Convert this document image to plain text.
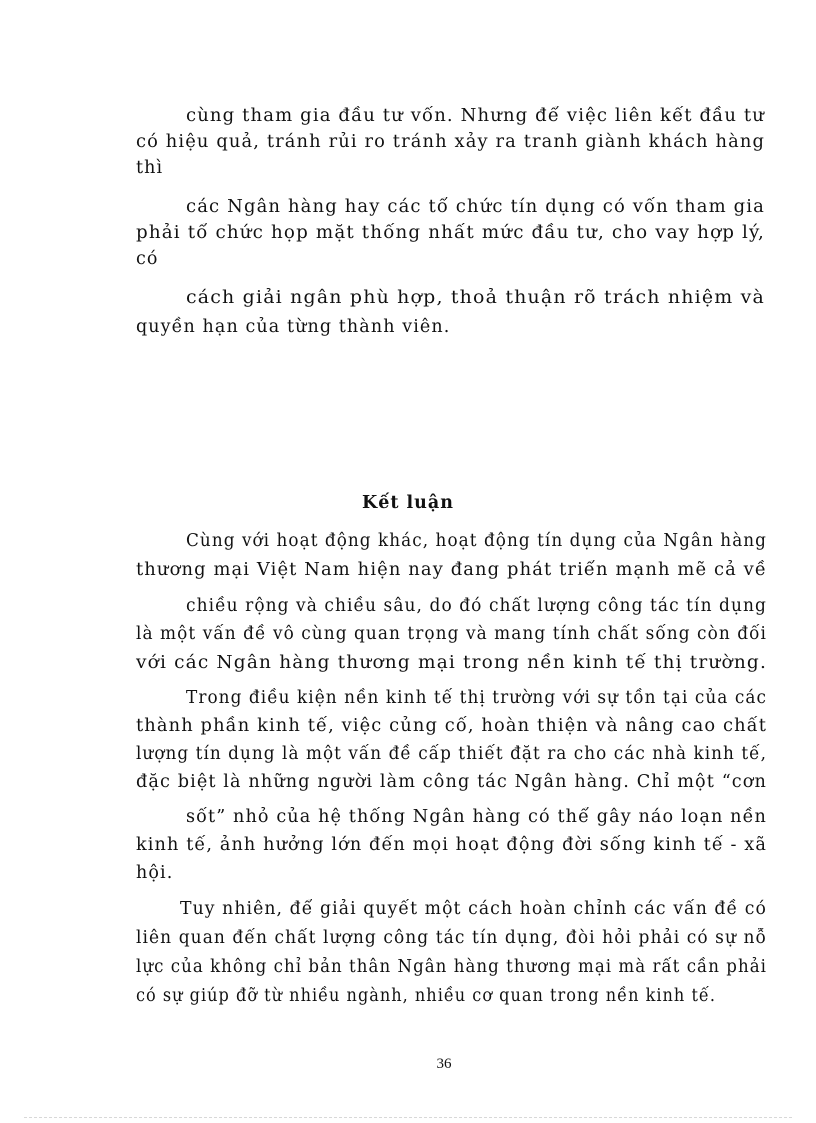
cùng tham gia đầu tư vốn. Nhưng để việc liên kết đầu tư
có hiệu quả, tránh rủi ro tránh xảy ra tranh giành khách hàng
thì
các Ngân hàng hay các tổ chức tín dụng có vốn tham gia
phải tổ chức họp mặt thống nhất mức đầu tư, cho vay hợp lý,
có
cách giải ngân phù hợp, thoả thuận rõ trách nhiệm và
quyền hạn của từng thành viên.
Kết luận
Cùng với hoạt động khác, hoạt động tín dụng của Ngân hàng
thương mại Việt Nam hiện nay đang phát triển mạnh mẽ cả về
chiều rộng và chiều sâu, do đó chất lượng công tác tín dụng
là một vấn đề vô cùng quan trọng và mang tính chất sống còn đối
với các Ngân hàng thương mại trong nền kinh tế thị trường.
Trong điều kiện nền kinh tế thị trường với sự tồn tại của các
thành phần kinh tế, việc củng cố, hoàn thiện và nâng cao chất
lượng tín dụng là một vấn đề cấp thiết đặt ra cho các nhà kinh tế,
đặc biệt là những người làm công tác Ngân hàng. Chỉ một “cơn
sốt” nhỏ của hệ thống Ngân hàng có thể gây náo loạn nền
kinh tế, ảnh hưởng lớn đến mọi hoạt động đời sống kinh tế - xã
hội.
Tuy nhiên, để giải quyết một cách hoàn chỉnh các vấn đề có
liên quan đến chất lượng công tác tín dụng, đòi hỏi phải có sự nỗ
lực của không chỉ bản thân Ngân hàng thương mại mà rất cần phải
có sự giúp đỡ từ nhiều ngành, nhiều cơ quan trong nền kinh tế.
36
